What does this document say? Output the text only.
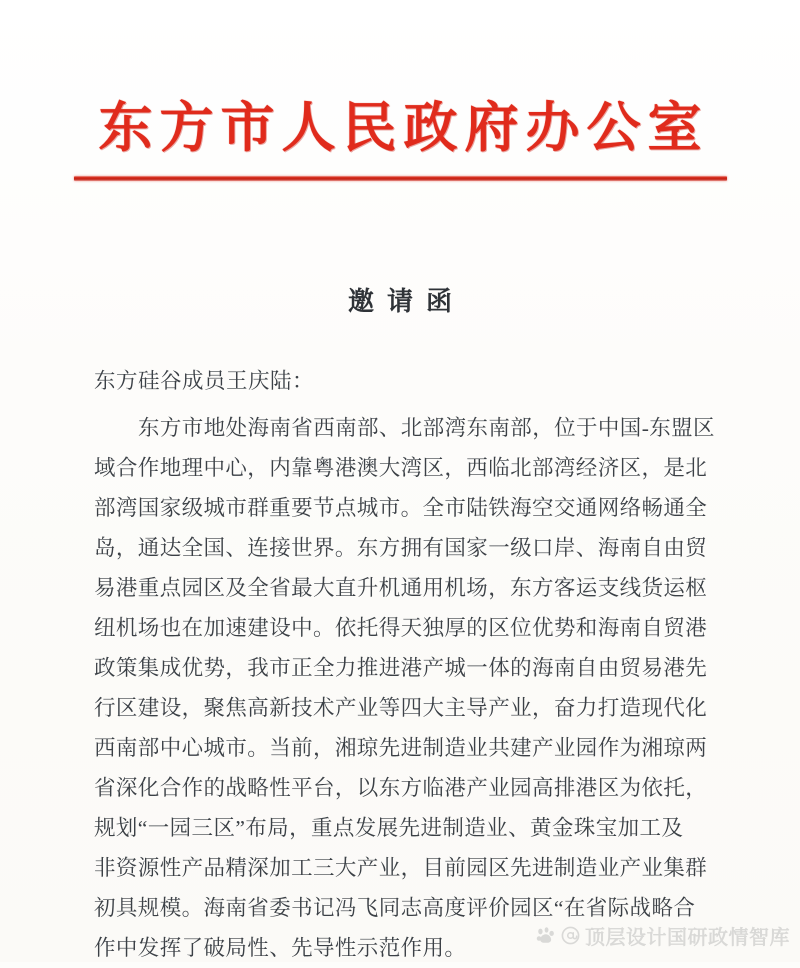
东方市人民政府办公室
邀请函
东方硅谷成员王庆陆：
东方市地处海南省西南部、北部湾东南部，位于中国-东盟区
域合作地理中心，内靠粤港澳大湾区，西临北部湾经济区，是北
部湾国家级城市群重要节点城市。全市陆铁海空交通网络畅通全
岛，通达全国、连接世界。东方拥有国家一级口岸、海南自由贸
易港重点园区及全省最大直升机通用机场，东方客运支线货运枢
纽机场也在加速建设中。依托得天独厚的区位优势和海南自贸港
政策集成优势，我市正全力推进港产城一体的海南自由贸易港先
行区建设，聚焦高新技术产业等四大主导产业，奋力打造现代化
西南部中心城市。当前，湘琼先进制造业共建产业园作为湘琼两
省深化合作的战略性平台，以东方临港产业园高排港区为依托，
规划“一园三区”布局，重点发展先进制造业、黄金珠宝加工及
非资源性产品精深加工三大产业，目前园区先进制造业产业集群
初具规模。海南省委书记冯飞同志高度评价园区“在省际战略合
作中发挥了破局性、先导性示范作用。	顶层设计国研政情智库
